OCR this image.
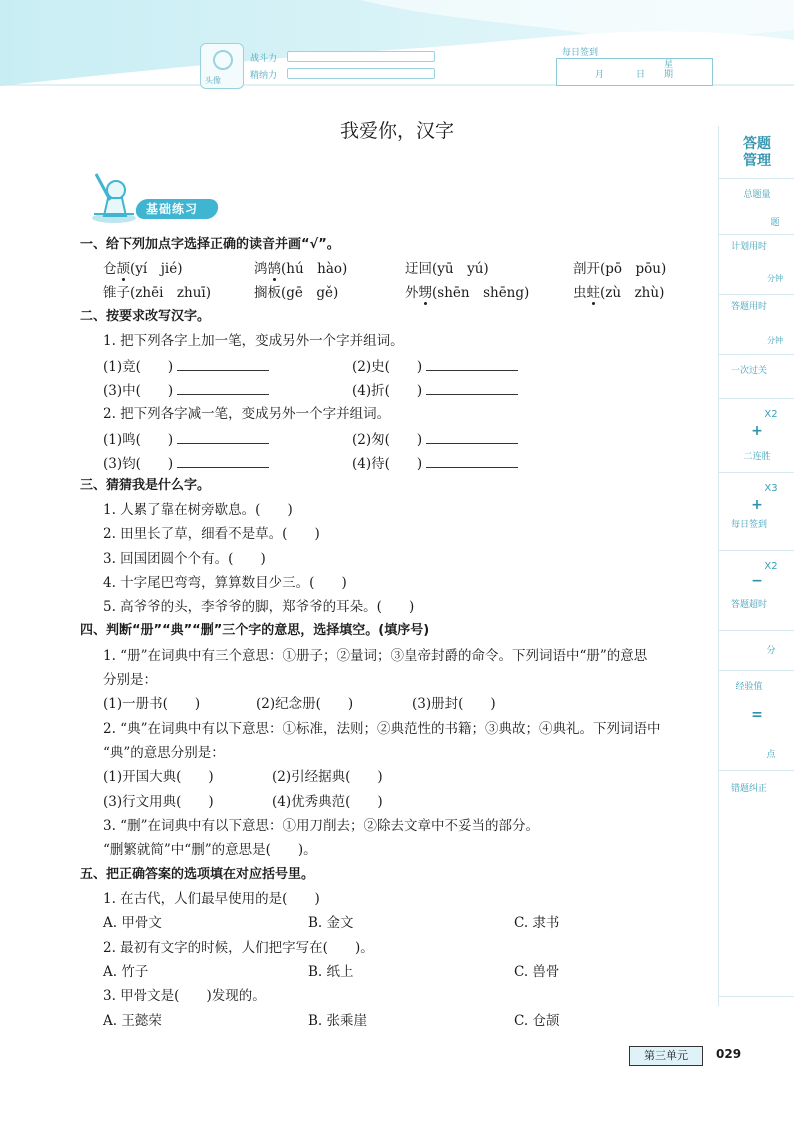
头像
战斗力
精纳力
每日签到
月	日
星期
答题
管理
总题量
题
计划用时
分钟
答题用时
分钟
一次过关
X2
+
二连胜
X3
+
每日签到
X2
−
答题超时
分
经验值
=
点
错题纠正
我爱你，汉字
基础练习
一、给下列加点字选择正确的读音并画“√”。
仓颉(yí　jié)	鸿鹄(hú　hào)	迂回(yū　yú)	剖开(pō　pōu)
锥子(zhēi　zhuī)	搁板(gē　gě)	外甥(shēn　shēng)	虫蛀(zù　zhù)
二、按要求改写汉字。
1. 把下列各字上加一笔，变成另外一个字并组词。
(1)竞(　　)	(2)史(　　)
(3)中(　　)	(4)折(　　)
2. 把下列各字减一笔，变成另外一个字并组词。
(1)鸣(　　)	(2)匆(　　)
(3)钧(　　)	(4)待(　　)
三、猜猜我是什么字。
1. 人累了靠在树旁歇息。(　　)
2. 田里长了草，细看不是草。(　　)
3. 回国团圆个个有。(　　)
4. 十字尾巴弯弯，算算数目少三。(　　)
5. 高爷爷的头，李爷爷的脚，郑爷爷的耳朵。(　　)
四、判断“册”“典”“删”三个字的意思，选择填空。(填序号)
1. “册”在词典中有三个意思：①册子；②量词；③皇帝封爵的命令。下列词语中“册”的意思
分别是：
(1)一册书(　　)	(2)纪念册(　　)	(3)册封(　　)
2. “典”在词典中有以下意思：①标准，法则；②典范性的书籍；③典故；④典礼。下列词语中
“典”的意思分别是：
(1)开国大典(　　)	(2)引经据典(　　)
(3)行文用典(　　)	(4)优秀典范(　　)
3. “删”在词典中有以下意思：①用刀削去；②除去文章中不妥当的部分。
“删繁就简”中“删”的意思是(　　)。
五、把正确答案的选项填在对应括号里。
1. 在古代，人们最早使用的是(　　)
A. 甲骨文	B. 金文	C. 隶书
2. 最初有文字的时候，人们把字写在(　　)。
A. 竹子	B. 纸上	C. 兽骨
3. 甲骨文是(　　)发现的。
A. 王懿荣	B. 张乘崖	C. 仓颉
第三单元	029
